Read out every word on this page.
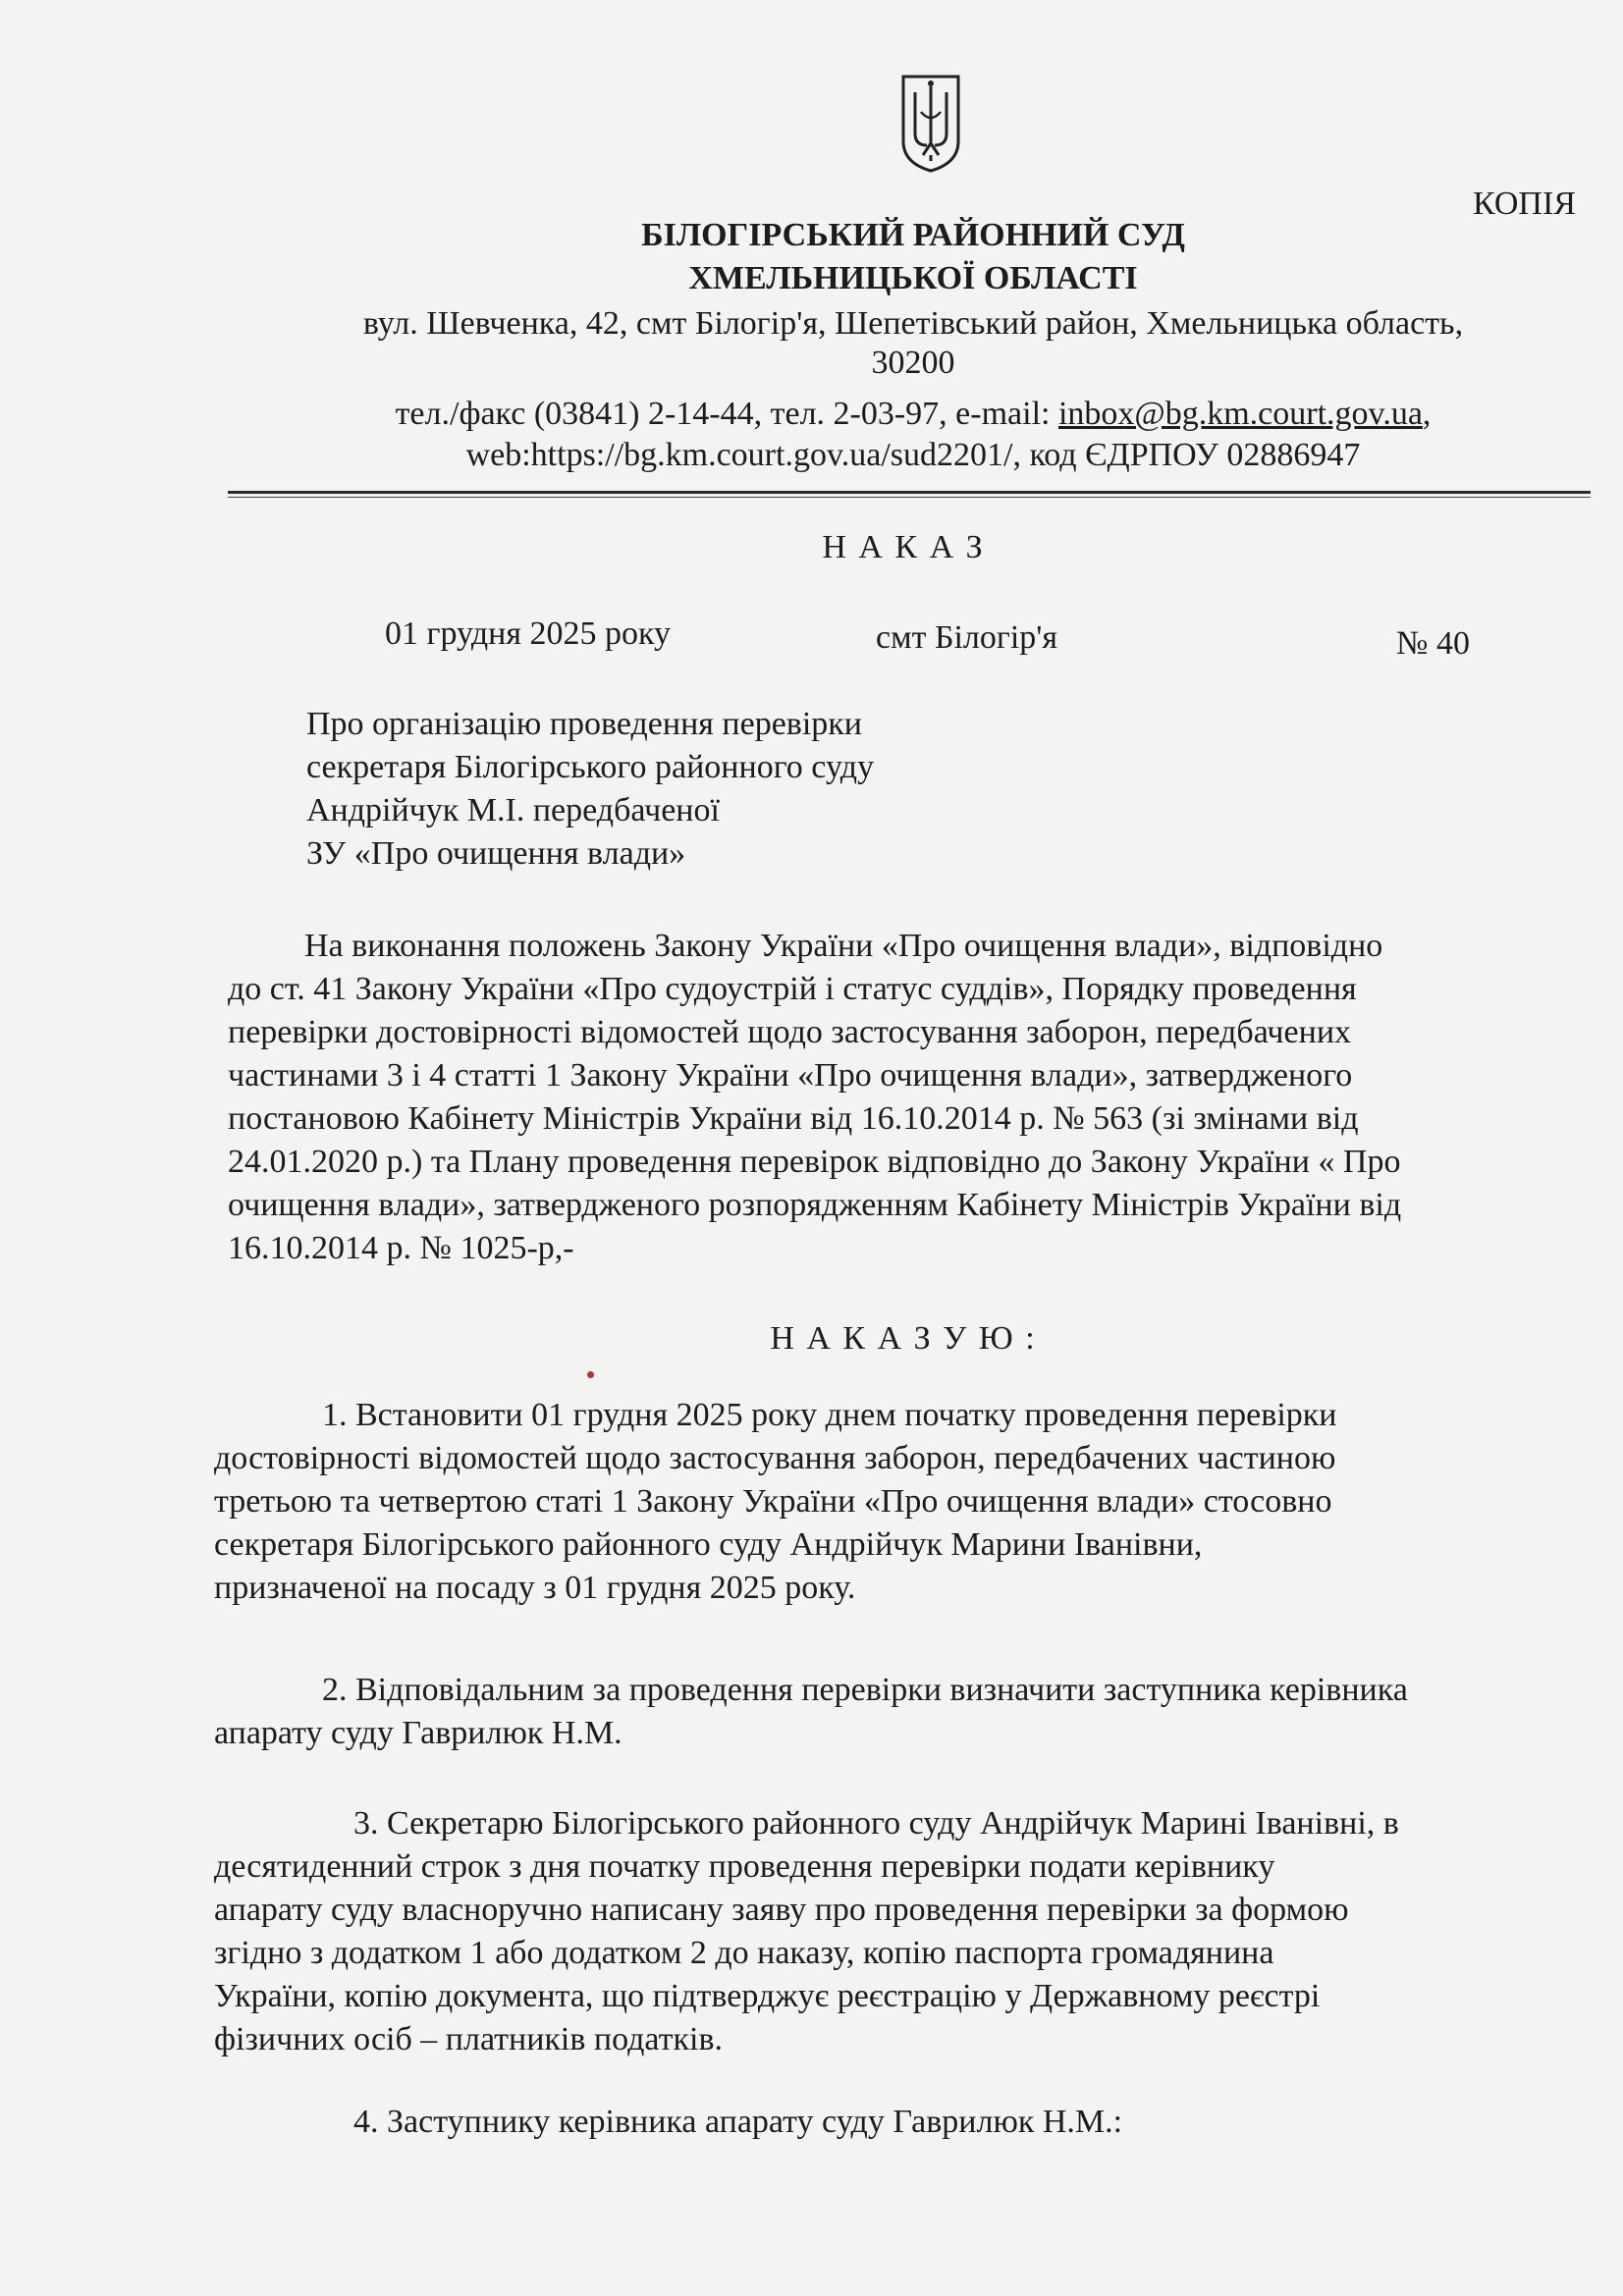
КОПІЯ
БІЛОГІРСЬКИЙ РАЙОННИЙ СУД
ХМЕЛЬНИЦЬКОЇ ОБЛАСТІ
вул. Шевченка, 42, смт Білогір'я, Шепетівський район, Хмельницька область,
30200
тел./факс (03841) 2-14-44, тел. 2-03-97, e-mail: inbox@bg.km.court.gov.ua,
web:https://bg.km.court.gov.ua/sud2201/, код ЄДРПОУ 02886947
Н А К А З
01 грудня 2025 року	смт Білогір'я	№ 40
Про організацію проведення перевірки
секретаря Білогірського районного суду
Андрійчук М.І. передбаченої
ЗУ «Про очищення влади»
На виконання положень Закону України «Про очищення влади», відповідно
до ст. 41 Закону України «Про судоустрій і статус суддів», Порядку проведення
перевірки достовірності відомостей щодо застосування заборон, передбачених
частинами 3 і 4 статті 1 Закону України «Про очищення влади», затвердженого
постановою Кабінету Міністрів України від 16.10.2014 р. № 563 (зі змінами від
24.01.2020 р.) та Плану проведення перевірок відповідно до Закону України « Про
очищення влади», затвердженого розпорядженням Кабінету Міністрів України від
16.10.2014 р. № 1025-р,-
Н А К А З У Ю :
1. Встановити 01 грудня 2025 року днем початку проведення перевірки
достовірності відомостей щодо застосування заборон, передбачених частиною
третьою та четвертою статі 1 Закону України «Про очищення влади» стосовно
секретаря Білогірського районного суду Андрійчук Марини Іванівни,
призначеної на посаду з 01 грудня 2025 року.
2. Відповідальним за проведення перевірки визначити заступника керівника
апарату суду Гаврилюк Н.М.
3. Секретарю Білогірського районного суду Андрійчук Марині Іванівні, в
десятиденний строк з дня початку проведення перевірки подати керівнику
апарату суду власноручно написану заяву про проведення перевірки за формою
згідно з додатком 1 або додатком 2 до наказу, копію паспорта громадянина
України, копію документа, що підтверджує реєстрацію у Державному реєстрі
фізичних осіб – платників податків.
4. Заступнику керівника апарату суду Гаврилюк Н.М.:
